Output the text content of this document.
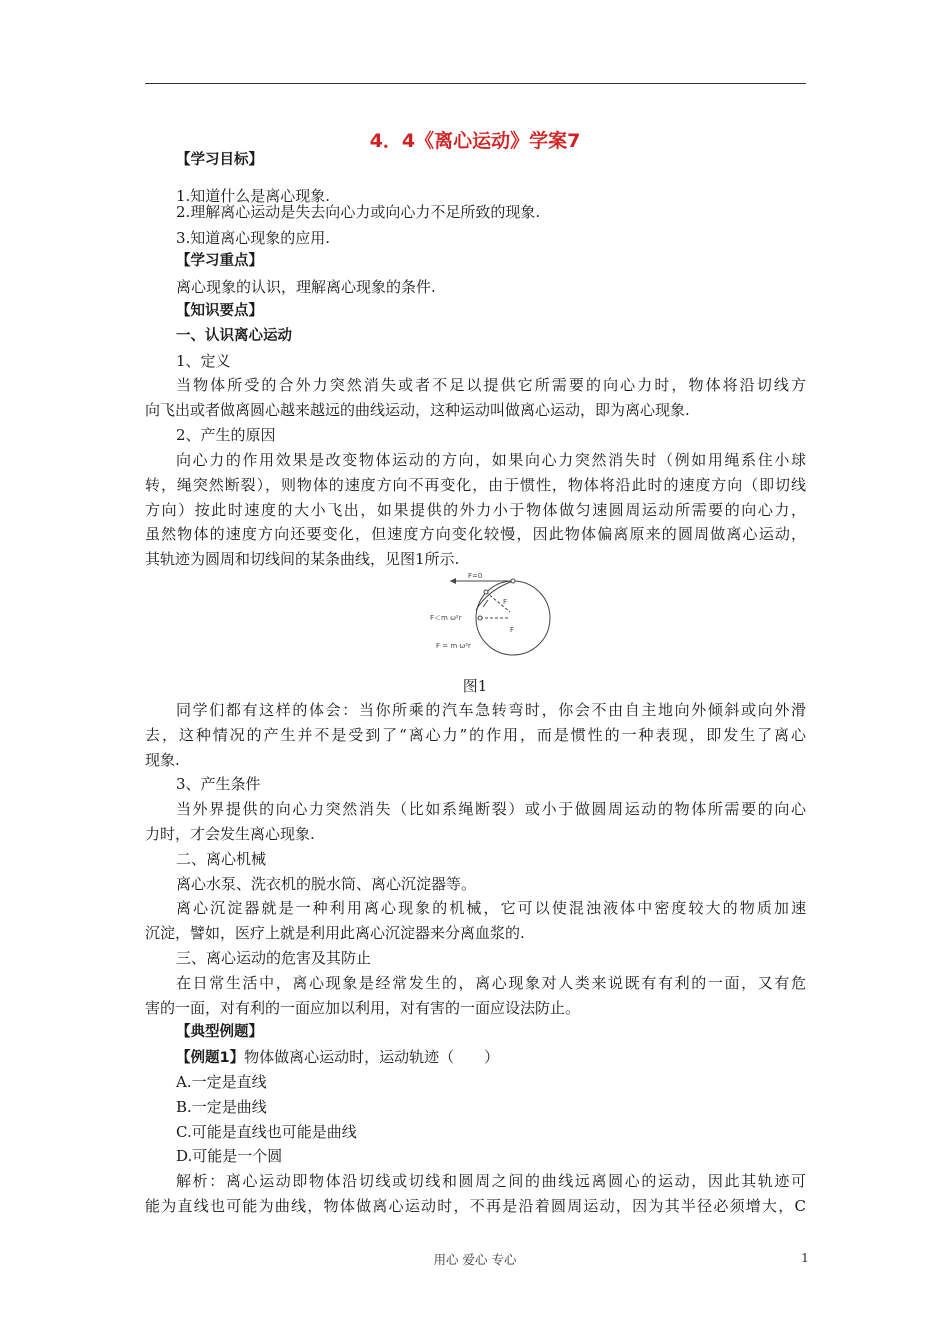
4．4《离心运动》学案7
【学习目标】
1.知道什么是离心现象.
2.理解离心运动是失去向心力或向心力不足所致的现象.
3.知道离心现象的应用.
【学习重点】
离心现象的认识，理解离心现象的条件.
【知识要点】
一、认识离心运动
1、定义
当物体所受的合外力突然消失或者不足以提供它所需要的向心力时，物体将沿切线方
向飞出或者做离圆心越来越远的曲线运动，这种运动叫做离心运动，即为离心现象.
2、产生的原因
向心力的作用效果是改变物体运动的方向，如果向心力突然消失时（例如用绳系住小球
转，绳突然断裂），则物体的速度方向不再变化，由于惯性，物体将沿此时的速度方向（即切线
方向）按此时速度的大小飞出，如果提供的外力小于物体做匀速圆周运动所需要的向心力，
虽然物体的速度方向还要变化，但速度方向变化较慢，因此物体偏离原来的圆周做离心运动，
其轨迹为圆周和切线间的某条曲线，见图1所示.
F=0
F＜m ω²r
F = m ω²r
F
F
图1
同学们都有这样的体会：当你所乘的汽车急转弯时，你会不由自主地向外倾斜或向外滑
去，这种情况的产生并不是受到了“离心力”的作用，而是惯性的一种表现，即发生了离心
现象.
3、产生条件
当外界提供的向心力突然消失（比如系绳断裂）或小于做圆周运动的物体所需要的向心
力时，才会发生离心现象.
二、离心机械
离心水泵、洗衣机的脱水筒、离心沉淀器等。
离心沉淀器就是一种利用离心现象的机械，它可以使混浊液体中密度较大的物质加速
沉淀，譬如，医疗上就是利用此离心沉淀器来分离血浆的.
三、离心运动的危害及其防止
在日常生活中，离心现象是经常发生的，离心现象对人类来说既有有利的一面，又有危
害的一面，对有利的一面应加以利用，对有害的一面应设法防止。
【典型例题】
【例题1】物体做离心运动时，运动轨迹（　　）
A.一定是直线
B.一定是曲线
C.可能是直线也可能是曲线
D.可能是一个圆
解析：离心运动即物体沿切线或切线和圆周之间的曲线远离圆心的运动，因此其轨迹可
能为直线也可能为曲线，物体做离心运动时，不再是沿着圆周运动，因为其半径必须增大，C
用心 爱心 专心	1
